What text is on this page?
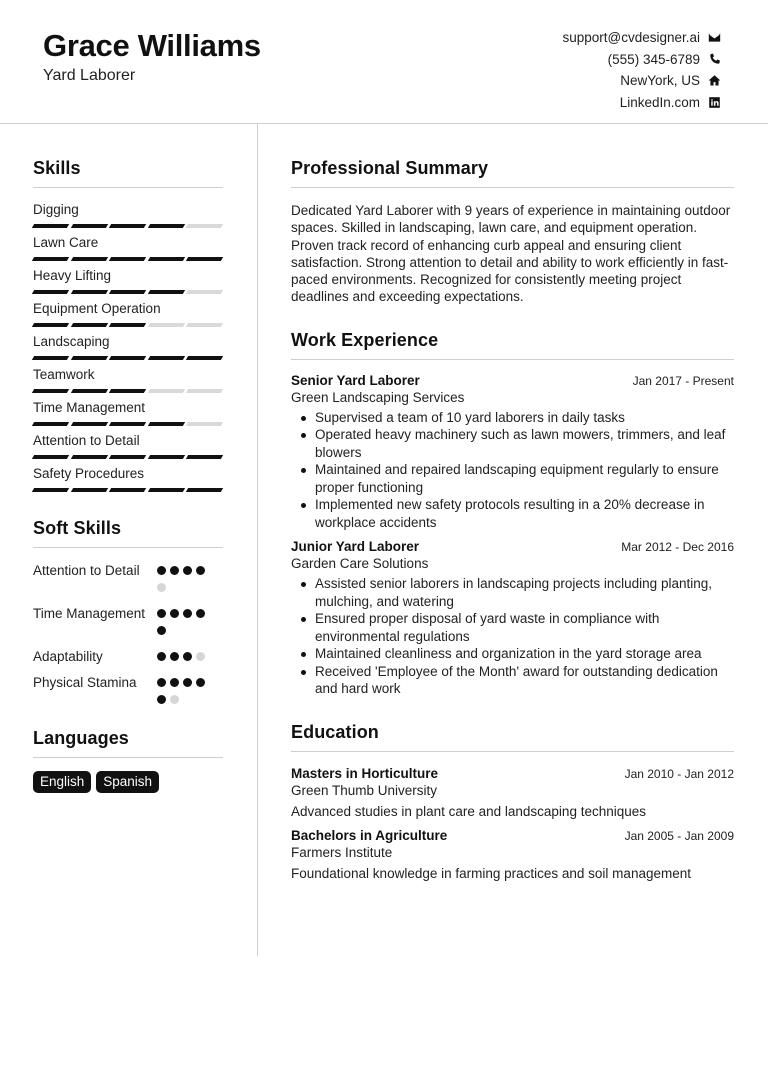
Grace Williams
Yard Laborer
support@cvdesigner.ai
(555) 345-6789
NewYork, US
LinkedIn.com
Skills
Digging
Lawn Care
Heavy Lifting
Equipment Operation
Landscaping
Teamwork
Time Management
Attention to Detail
Safety Procedures
Soft Skills
Attention to Detail
Time Management
Adaptability
Physical Stamina
Languages
English	Spanish
Professional Summary
Dedicated Yard Laborer with 9 years of experience in maintaining outdoor spaces. Skilled in landscaping, lawn care, and equipment operation. Proven track record of enhancing curb appeal and ensuring client satisfaction. Strong attention to detail and ability to work efficiently in fast-paced environments. Recognized for consistently meeting project deadlines and exceeding expectations.
Work Experience
Senior Yard Laborer	Jan 2017 - Present
Green Landscaping Services
Supervised a team of 10 yard laborers in daily tasks
Operated heavy machinery such as lawn mowers, trimmers, and leaf blowers
Maintained and repaired landscaping equipment regularly to ensure proper functioning
Implemented new safety protocols resulting in a 20% decrease in workplace accidents
Junior Yard Laborer	Mar 2012 - Dec 2016
Garden Care Solutions
Assisted senior laborers in landscaping projects including planting, mulching, and watering
Ensured proper disposal of yard waste in compliance with environmental regulations
Maintained cleanliness and organization in the yard storage area
Received 'Employee of the Month' award for outstanding dedication and hard work
Education
Masters in Horticulture	Jan 2010 - Jan 2012
Green Thumb University
Advanced studies in plant care and landscaping techniques
Bachelors in Agriculture	Jan 2005 - Jan 2009
Farmers Institute
Foundational knowledge in farming practices and soil management
